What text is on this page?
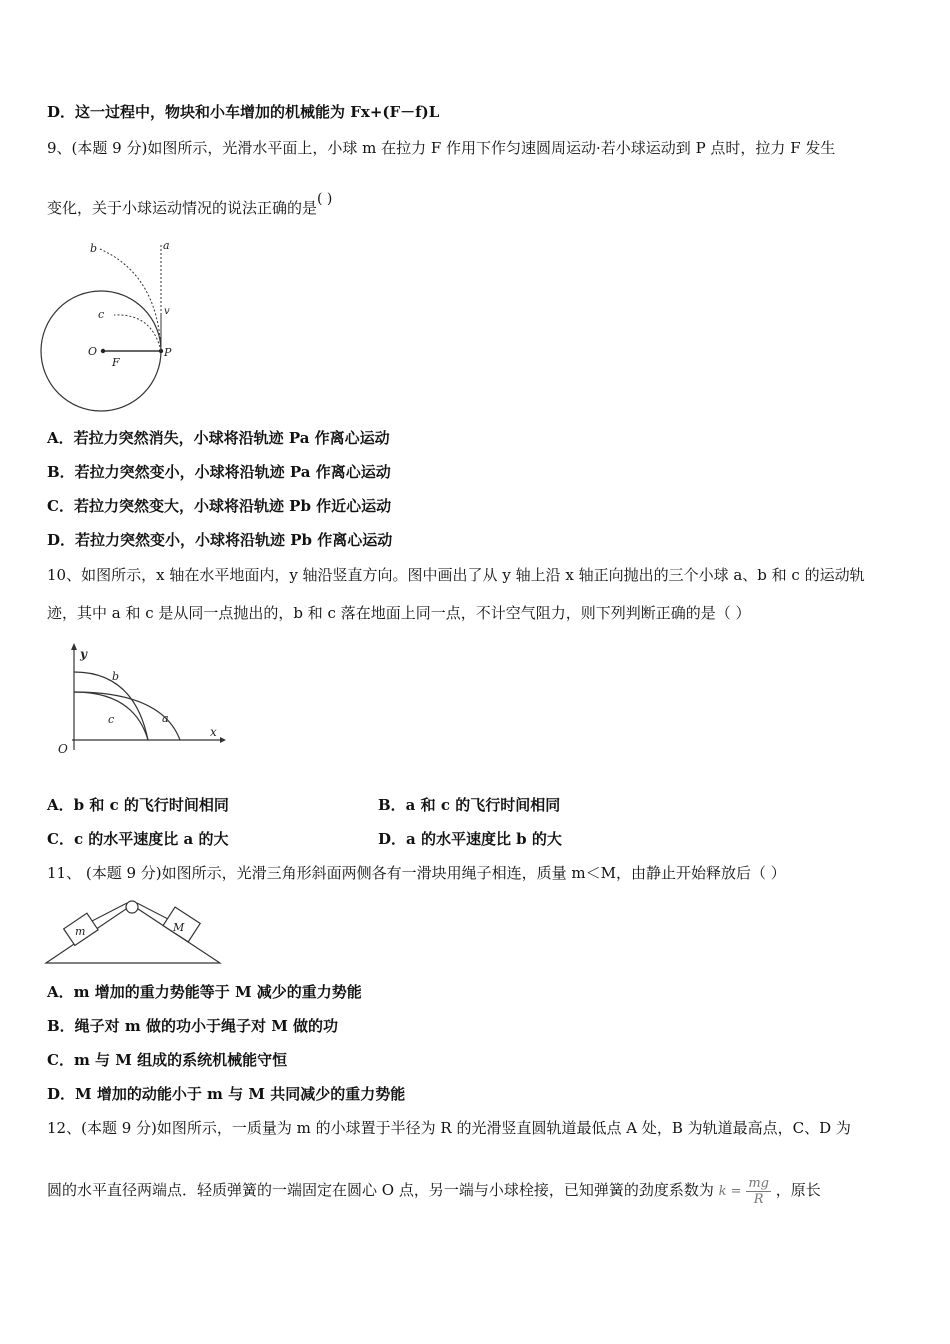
D．这一过程中，物块和小车增加的机械能为 Fx+(F－f)L
9、(本题 9 分)如图所示，光滑水平面上，小球 m 在拉力 F 作用下作匀速圆周运动·若小球运动到 P 点时，拉力 F 发生
变化，关于小球运动情况的说法正确的是( )
b	a
c	v
O
F
P
A．若拉力突然消失，小球将沿轨迹 Pa 作离心运动
B．若拉力突然变小，小球将沿轨迹 Pa 作离心运动
C．若拉力突然变大，小球将沿轨迹 Pb 作近心运动
D．若拉力突然变小，小球将沿轨迹 Pb 作离心运动
10、如图所示，x 轴在水平地面内，y 轴沿竖直方向。图中画出了从 y 轴上沿 x 轴正向抛出的三个小球 a、b 和 c 的运动轨
迹，其中 a 和 c 是从同一点抛出的，b 和 c 落在地面上同一点，不计空气阻力，则下列判断正确的是（ ）
y
x
O
b
c	a
A．b 和 c 的飞行时间相同	B．a 和 c 的飞行时间相同
C．c 的水平速度比 a 的大	D．a 的水平速度比 b 的大
11、 (本题 9 分)如图所示，光滑三角形斜面两侧各有一滑块用绳子相连，质量 m＜M，由静止开始释放后（ ）
m	M
A．m 增加的重力势能等于 M 减少的重力势能
B．绳子对 m 做的功小于绳子对 M 做的功
C．m 与 M 组成的系统机械能守恒
D．M 增加的动能小于 m 与 M 共同减少的重力势能
12、(本题 9 分)如图所示，一质量为 m 的小球置于半径为 R 的光滑竖直圆轨道最低点 A 处，B 为轨道最高点，C、D 为
圆的水平直径两端点．轻质弹簧的一端固定在圆心 O 点，另一端与小球栓接，已知弹簧的劲度系数为 $k = \frac{mg}{R}$ ，原长
